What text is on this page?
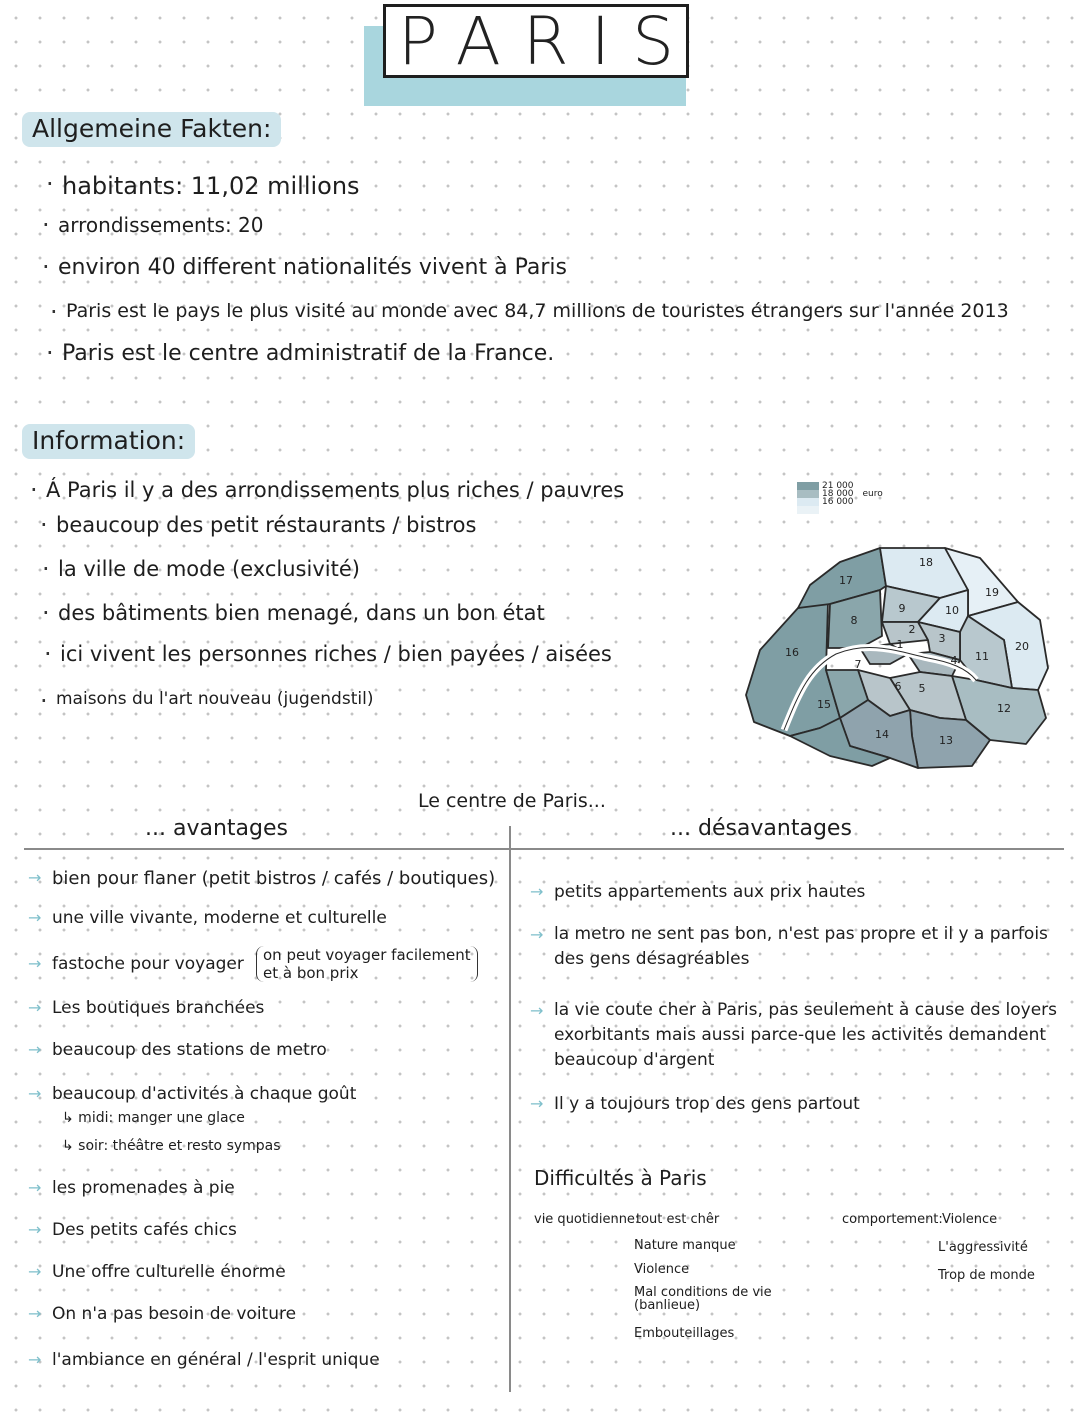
PARIS
Allgemeine Fakten:
· habitants: 11,02 millions
· arrondissements: 20
· environ 40 different nationalités vivent à Paris
· Paris est le pays le plus visité au monde avec 84,7 millions de touristes étrangers sur l'année 2013
· Paris est le centre administratif de la France.
Information:
· Á Paris il y a des arrondissements plus riches / pauvres
· beaucoup des petit réstaurants / bistros
· la ville de mode (exclusivité)
· des bâtiments bien menagé, dans un bon état
· ici vivent les personnes riches / bien payées / aisées
· maisons du l'art nouveau (jugendstil)
21 000
18 000 euro
16 000
1
2
3
4
5
6
7
8
9	10
11
12
13
14
15
16
17
18
19
20
Le centre de Paris...
... avantages	... désavantages
→ bien pour flaner (petit bistros / cafés / boutiques)
→ une ville vivante, moderne et culturelle
→ fastoche pour voyager
→ Les boutiques branchées
→ beaucoup des stations de metro
→ beaucoup d'activités à chaque goût
→ les promenades à pie
→ Des petits cafés chics
→ Une offre culturelle énorme
→ On n'a pas besoin de voiture
→ l'ambiance en général / l'esprit unique
on peut voyager facilement
et à bon prix
↳ midi: manger une glace
↳ soir: théâtre et resto sympas
→ petits appartements aux prix hautes
→ la metro ne sent pas bon, n'est pas propre et il y a parfois des gens désagréables
→ la vie coute cher à Paris, pas seulement à cause des loyers exorbitants mais aussi parce-que les activités demandent beaucoup d'argent
→ Il y a toujours trop des gens partout
Difficultés à Paris
vie quotidienne:
tout est chêr
Nature manque
Violence
Mal conditions de vie (banlieue)
Embouteillages
comportement: Violence
L'aggressivité
Trop de monde
